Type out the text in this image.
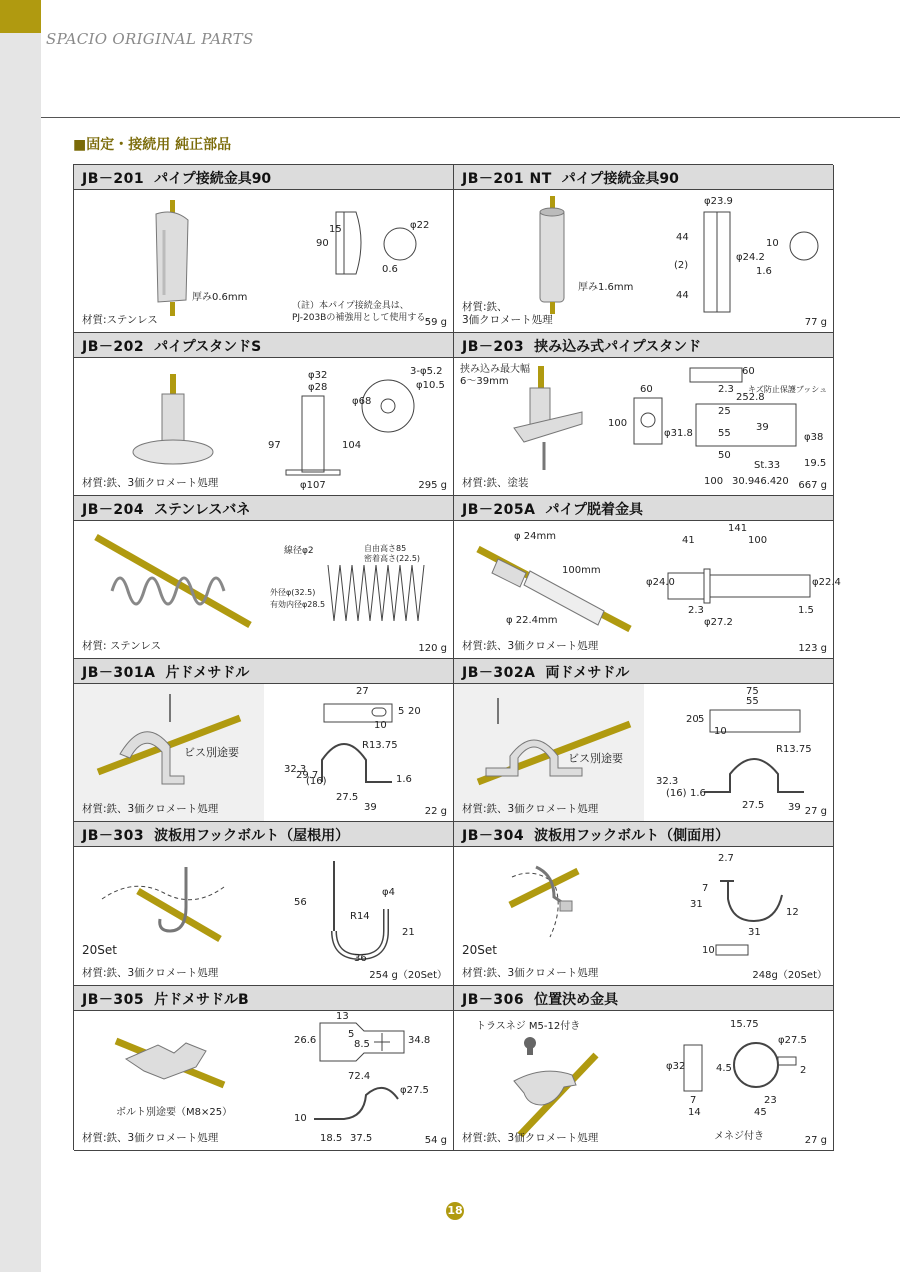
SPACIO ORIGINAL PARTS
■固定・接続用 純正部品
JB－201 パイプ接続金具90
厚み0.6mm
材質:ステンレス
90
15
0.6
φ22
（註）本パイプ接続金具は、
PJ-203Bの補強用として使用する。
59 g
JB－201 NT パイプ接続金具90
厚み1.6mm
材質:鉄、
3価クロメート処理
φ23.9
44
(2)
44
φ24.2
10
1.6
77 g
JB－202 パイプスタンドS
材質:鉄、3価クロメート処理
φ32
φ28
97	104
φ107
φ68
3-φ5.2
φ10.5
295 g
JB－203 挟み込み式パイプスタンド
挟み込み最大幅
6～39mm
材質:鉄、塗装
60
100
φ31.8
252.8
25
55
50
39
φ38
100 30.9 46.4 20
19.5
2.3
60
St.33
キズ防止保護ブッシュ
667 g
JB－204 ステンレスバネ
材質: ステンレス
線径φ2	自由高さ85
密着高さ(22.5)
外径φ(32.5)
有効内径φ28.5
120 g
JB－205A パイプ脱着金具
φ 24mm
100mm
φ 22.4mm
材質:鉄、3価クロメート処理
141
41	100
φ24.0	φ22.4
2.3
φ27.2
1.5
123 g
JB－301A 片ドメサドル
ビス別途要
材質:鉄、3価クロメート処理
27
10
5 20
R13.75
32.3
29.7
(16)	1.6
27.5
39	22 g
JB－302A 両ドメサドル
ビス別途要
材質:鉄、3価クロメート処理
75
55
20 5
10
R13.75
32.3
(16) 1.6
27.5 39 27 g
JB－303 波板用フックボルト（屋根用）
20Set
材質:鉄、3価クロメート処理
56
φ4
R14
21
36
254 g（20Set）
JB－304 波板用フックボルト（側面用）
20Set
材質:鉄、3価クロメート処理
2.7
7
31
12
31
10
248g（20Set）
JB－305 片ドメサドルB
ボルト別途要（M8×25）
材質:鉄、3価クロメート処理
13
26.6
5
8.5	34.8
72.4
φ27.5
10
18.5 37.5	54 g
JB－306 位置決め金具
トラスネジ M5-12付き
材質:鉄、3価クロメート処理
15.75
φ27.5
φ32	4.5	2
7	23
14	45
メネジ付き	27 g
18
